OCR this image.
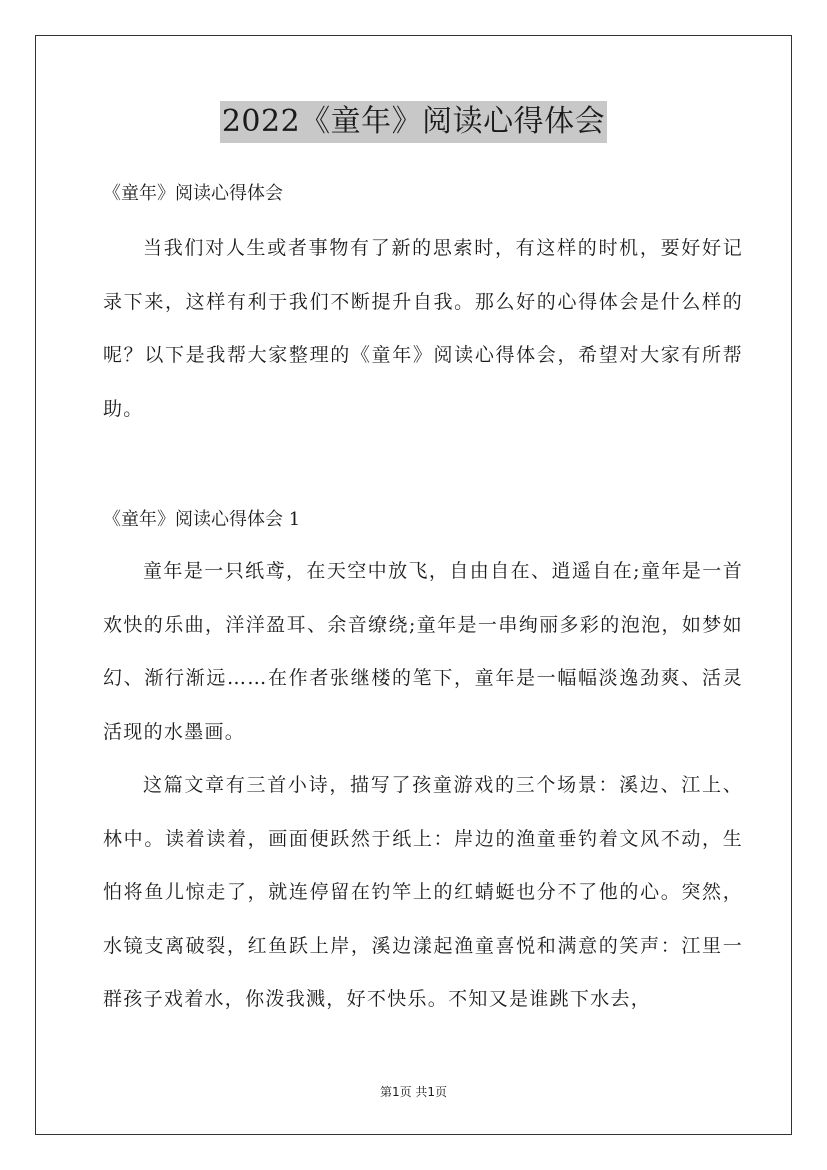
2022《童年》阅读心得体会
《童年》阅读心得体会

当我们对人生或者事物有了新的思索时，有这样的时机，要好好记录下来，这样有利于我们不断提升自我。那么好的心得体会是什么样的呢？以下是我帮大家整理的《童年》阅读心得体会，希望对大家有所帮助。

《童年》阅读心得体会 1

童年是一只纸鸢，在天空中放飞，自由自在、逍遥自在;童年是一首欢快的乐曲，洋洋盈耳、余音缭绕;童年是一串绚丽多彩的泡泡，如梦如幻、渐行渐远……在作者张继楼的笔下，童年是一幅幅淡逸劲爽、活灵活现的水墨画。

这篇文章有三首小诗，描写了孩童游戏的三个场景：溪边、江上、林中。读着读着，画面便跃然于纸上：岸边的渔童垂钓着文风不动，生怕将鱼儿惊走了，就连停留在钓竿上的红蜻蜓也分不了他的心。突然，水镜支离破裂，红鱼跃上岸，溪边漾起渔童喜悦和满意的笑声：江里一群孩子戏着水，你泼我溅，好不快乐。不知又是谁跳下水去，

第1页 共1页
